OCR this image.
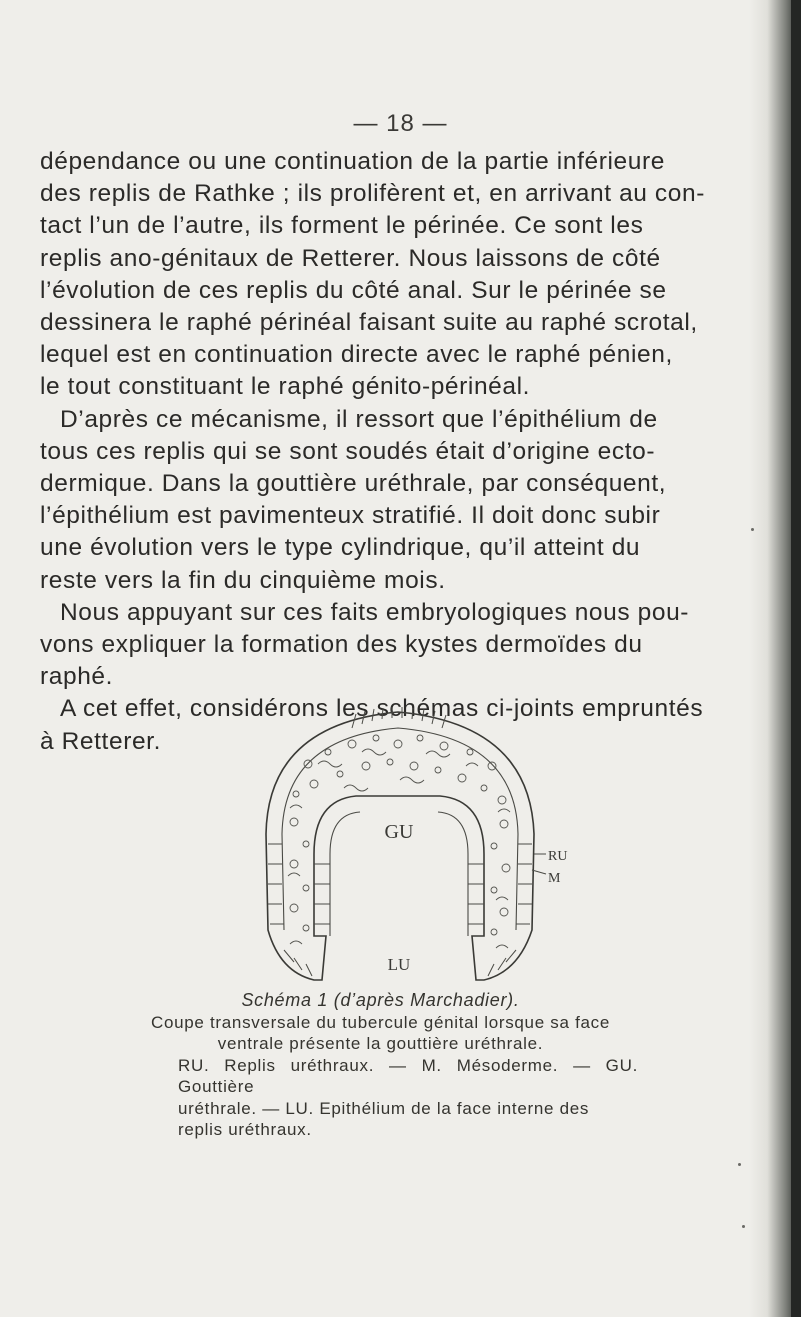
— 18 —

dépendance ou une continuation de la partie inférieure

des replis de Rathke ; ils prolifèrent et, en arrivant au con-

tact l’un de l’autre, ils forment le périnée. Ce sont les

replis ano-génitaux de Retterer. Nous laissons de côté

l’évolution de ces replis du côté anal. Sur le périnée se

dessinera le raphé périnéal faisant suite au raphé scrotal,

lequel est en continuation directe avec le raphé pénien,

le tout constituant le raphé génito-périnéal.

D’après ce mécanisme, il ressort que l’épithélium de

tous ces replis qui se sont soudés était d’origine ecto-

dermique. Dans la gouttière uréthrale, par conséquent,

l’épithélium est pavimenteux stratifié. Il doit donc subir

une évolution vers le type cylindrique, qu’il atteint du

reste vers la fin du cinquième mois.

Nous appuyant sur ces faits embryologiques nous pou-

vons expliquer la formation des kystes dermoïdes du

raphé.

A cet effet, considérons les schémas ci-joints empruntés

à Retterer.

GU
RU
M
LU
Schéma 1 (d’après Marchadier).
Coupe transversale du tubercule génital lorsque sa face
ventrale présente la gouttière uréthrale.
RU. Replis uréthraux. — M. Mésoderme. — GU. Gouttière
uréthrale. — LU. Epithélium de la face interne des
replis uréthraux.
